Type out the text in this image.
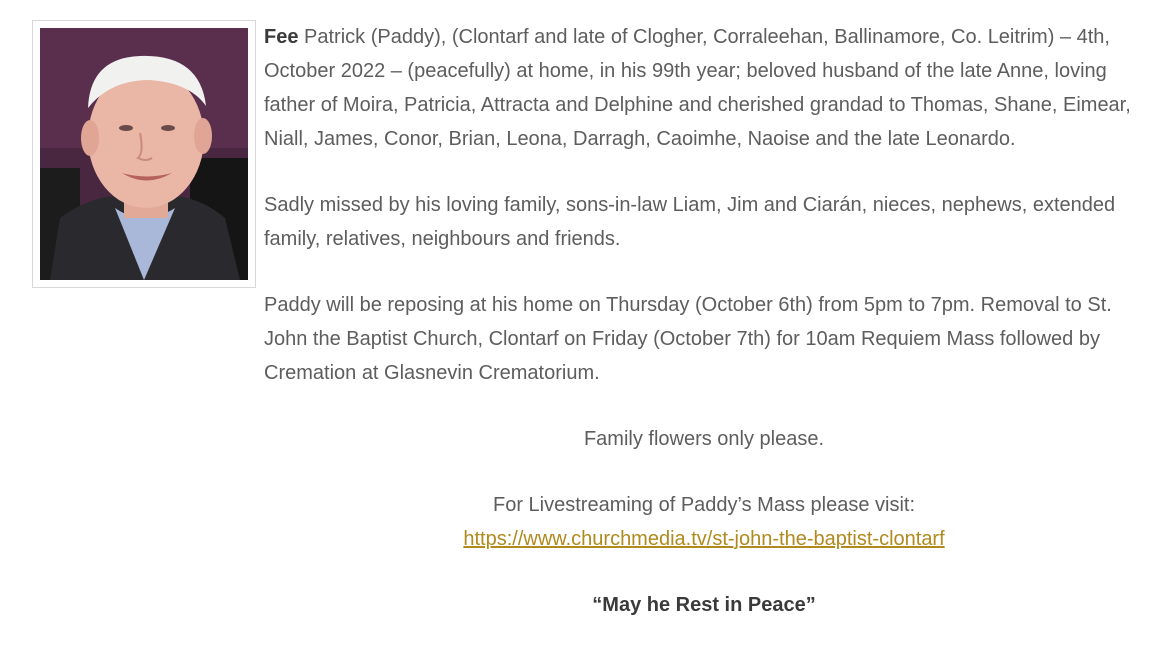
Fee Patrick (Paddy), (Clontarf and late of Clogher, Corraleehan, Ballinamore, Co. Leitrim) – 4th, October 2022 – (peacefully) at home, in his 99th year; beloved husband of the late Anne, loving father of Moira, Patricia, Attracta and Delphine and cherished grandad to Thomas, Shane, Eimear, Niall, James, Conor, Brian, Leona, Darragh, Caoimhe, Naoise and the late Leonardo.

Sadly missed by his loving family, sons-in-law Liam, Jim and Ciarán, nieces, nephews, extended family, relatives, neighbours and friends.

Paddy will be reposing at his home on Thursday (October 6th) from 5pm to 7pm. Removal to St. John the Baptist Church, Clontarf on Friday (October 7th) for 10am Requiem Mass followed by Cremation at Glasnevin Crematorium.

Family flowers only please.

For Livestreaming of Paddy’s Mass please visit:
https://www.churchmedia.tv/st-john-the-baptist-clontarf

“May he Rest in Peace”
